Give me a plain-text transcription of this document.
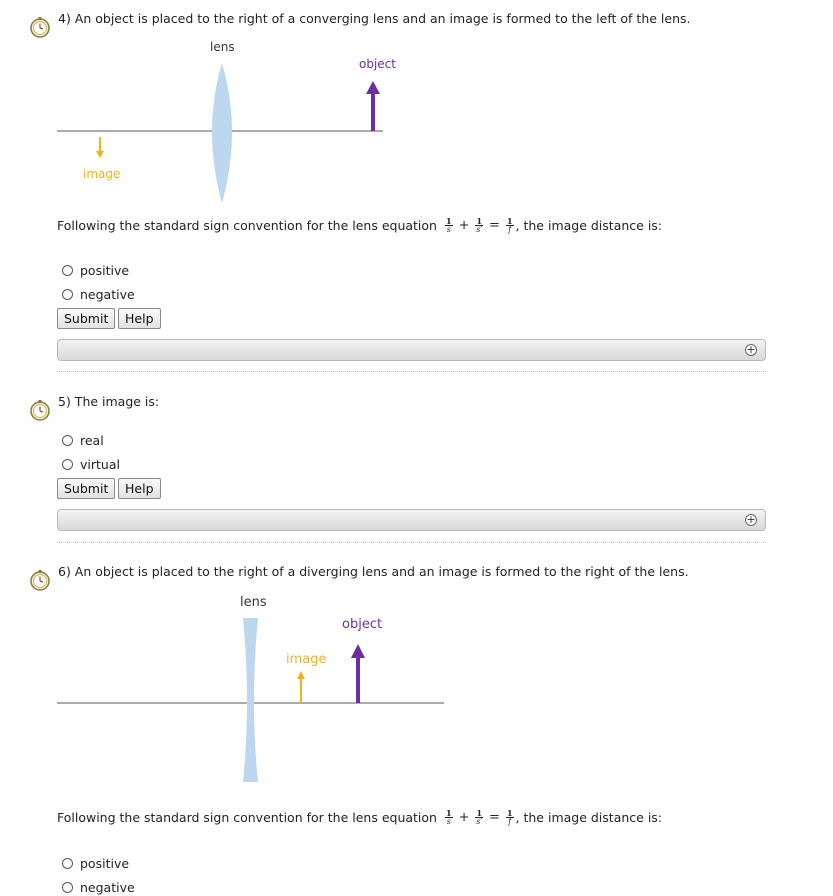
4) An object is placed to the right of a converging lens and an image is formed to the left of the lens.
lens
object
image
Following the standard sign convention for the lens equation $\frac{1}{s} + \frac{1}{s'} = \frac{1}{f}$ , the image distance is:
positive
negative
Submit	Help
+
5) The image is:
real
virtual
Submit	Help
+
6) An object is placed to the right of a diverging lens and an image is formed to the right of the lens.
lens
object
image
Following the standard sign convention for the lens equation $\frac{1}{s} + \frac{1}{s'} = \frac{1}{f}$ , the image distance is:
positive
negative
